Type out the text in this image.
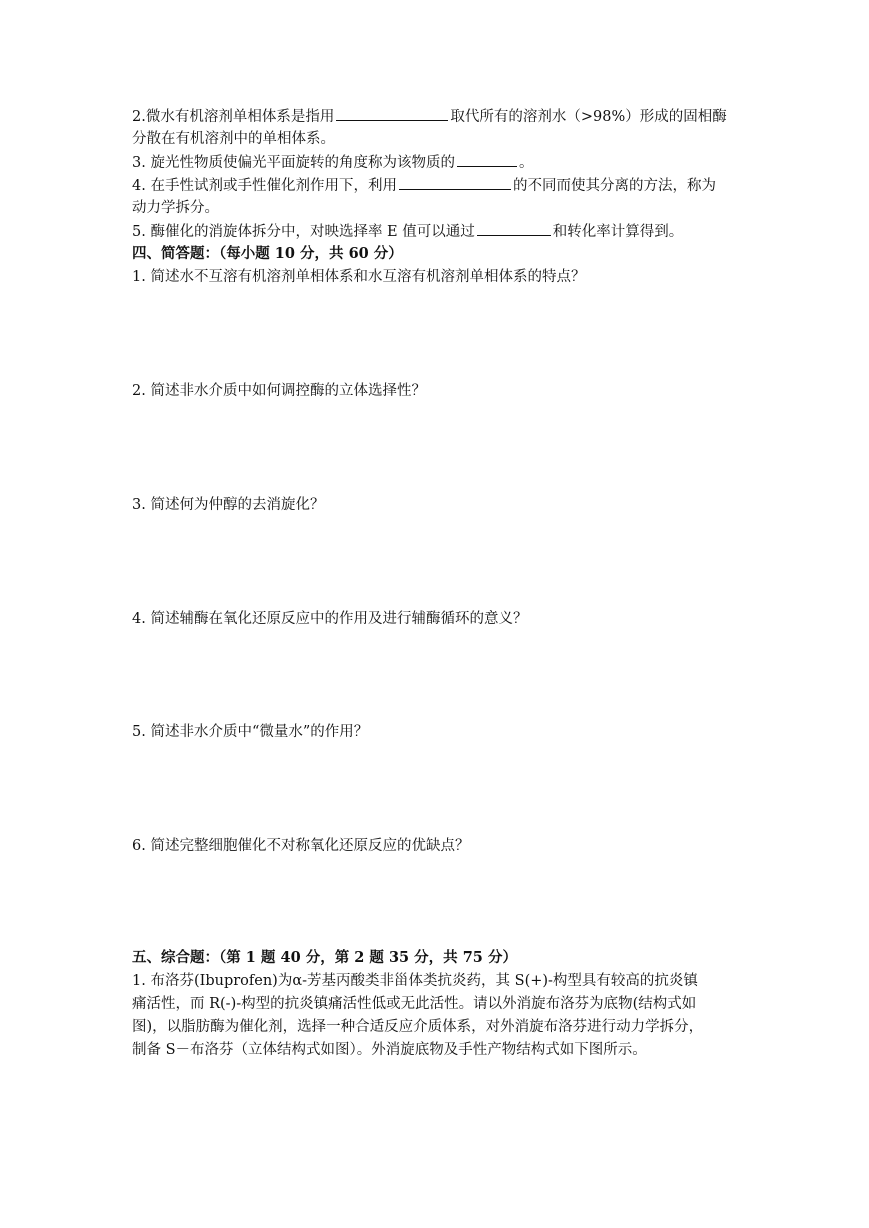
2.微水有机溶剂单相体系是指用	取代所有的溶剂水（>98%）形成的固相酶
分散在有机溶剂中的单相体系。
3. 旋光性物质使偏光平面旋转的角度称为该物质的	。
4. 在手性试剂或手性催化剂作用下，利用	的不同而使其分离的方法，称为
动力学拆分。
5. 酶催化的消旋体拆分中，对映选择率 E 值可以通过	和转化率计算得到。
四、简答题：（每小题 10 分，共 60 分）
1. 简述水不互溶有机溶剂单相体系和水互溶有机溶剂单相体系的特点？
2. 简述非水介质中如何调控酶的立体选择性？
3. 简述何为仲醇的去消旋化？
4. 简述辅酶在氧化还原反应中的作用及进行辅酶循环的意义？
5. 简述非水介质中“微量水”的作用？
6. 简述完整细胞催化不对称氧化还原反应的优缺点？
五、综合题：（第 1 题 40 分，第 2 题 35 分，共 75 分）
1. 布洛芬(Ibuprofen)为α-芳基丙酸类非甾体类抗炎药，其 S(+)-构型具有较高的抗炎镇
痛活性，而 R(-)-构型的抗炎镇痛活性低或无此活性。请以外消旋布洛芬为底物(结构式如
图)，以脂肪酶为催化剂，选择一种合适反应介质体系，对外消旋布洛芬进行动力学拆分，
制备 S－布洛芬（立体结构式如图）。外消旋底物及手性产物结构式如下图所示。
